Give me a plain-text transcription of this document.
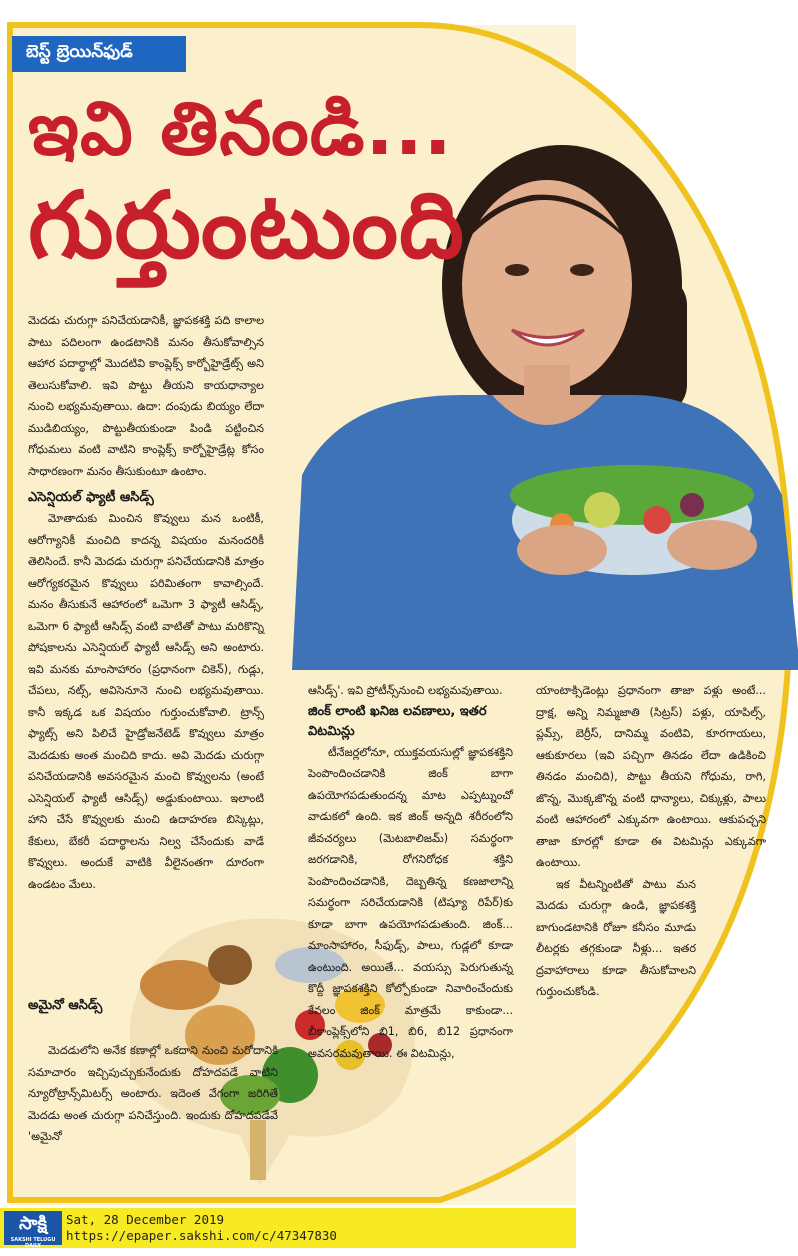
బెస్ట్ బ్రెయిన్‌ఫుడ్
ఇవి తినండి...
గుర్తుంటుంది

మెదడు చురుగ్గా పనిచేయడానికీ, జ్ఞాపకశక్తి పది కాలాల పాటు పదిలంగా ఉండటానికి మనం తీసుకోవాల్సిన ఆహార పదార్థాల్లో మొదటివి కాంప్లెక్స్ కార్బోహైడ్రేట్స్ అని తెలుసుకోవాలి. ఇవి పొట్టు తీయని కాయధాన్యాల నుంచి లభ్యమవుతాయి. ఉదా: దంపుడు బియ్యం లేదా ముడిబియ్యం, పొట్టుతీయకుండా పిండి పట్టించిన గోధుమలు వంటి వాటిని కాంప్లెక్స్ కార్బోహైడ్రేట్ల కోసం సాధారణంగా మనం తీసుకుంటూ ఉంటాం.

ఎసెన్షియల్ ఫ్యాటీ ఆసిడ్స్

మోతాదుకు మించిన కొవ్వులు మన ఒంటికీ, ఆరోగ్యానికీ మంచిది కాదన్న విషయం మనందరికీ తెలిసిందే. కానీ మెదడు చురుగ్గా పనిచేయడానికి మాత్రం ఆరోగ్యకరమైన కొవ్వులు పరిమితంగా కావాల్సిందే. మనం తీసుకునే ఆహారంలో ఒమెగా 3 ఫ్యాటీ ఆసిడ్స్, ఒమెగా 6 ఫ్యాటీ ఆసిడ్స్ వంటి వాటితో పాటు మరికొన్ని పోషకాలను ఎసెన్షియల్ ఫ్యాటీ ఆసిడ్స్ అని అంటారు. ఇవి మనకు మాంసాహారం (ప్రధానంగా చికెన్), గుడ్లు, చేపలు, నట్స్, అవిసెనూనె నుంచి లభ్యమవుతాయి. కానీ ఇక్కడ ఒక విషయం గుర్తుంచుకోవాలి. ట్రాన్స్ ఫ్యాట్స్ అని పిలిచే హైడ్రోజనేటెడ్ కొవ్వులు మాత్రం మెదడుకు అంత మంచిది కాదు. అవి మెదడు చురుగ్గా పనిచేయడానికి అవసరమైన మంచి కొవ్వులను (అంటే ఎసెన్షియల్ ఫ్యాటీ ఆసిడ్స్) అడ్డుకుంటాయి. ఇలాంటి హాని చేసే కొవ్వులకు మంచి ఉదాహరణ బిస్కెట్లు, కేకులు, బేకరీ పదార్థాలను నిల్వ చేసేందుకు వాడే కొవ్వులు. అందుకే వాటికి వీలైనంతగా దూరంగా ఉండటం మేలు.

అమైనో ఆసిడ్స్

మెదడులోని అనేక కణాల్లో ఒకదాని నుంచి మరోదానికి సమాచారం ఇచ్చిపుచ్చుకునేందుకు దోహదపడే వాటిని న్యూరోట్రాన్స్‌మిటర్స్ అంటారు. ఇదెంత వేగంగా జరిగితే మెదడు అంత చురుగ్గా పనిచేస్తుంది. ఇందుకు దోహదపడేవే 'అమైనో

ఆసిడ్స్'. ఇవి ప్రోటీన్స్‌నుంచి లభ్యమవుతాయి.

జింక్ లాంటి ఖనిజ లవణాలు, ఇతర విటమిన్లు

టీనేజర్లలోనూ, యుక్తవయసుల్లో జ్ఞాపకశక్తిని పెంపొందించడానికి జింక్ బాగా ఉపయోగపడుతుందన్న మాట ఎప్పట్నుంచో వాడుకలో ఉంది. ఇక జింక్ అన్నది శరీరంలోని జీవచర్యలు (మెటబాలిజమ్) సమర్థంగా జరగడానికి, రోగనిరోధక శక్తిని పెంపొందించడానికి, దెబ్బతిన్న కణజాలాన్ని సమర్థంగా సరిచేయడానికి (టిష్యూ రిపేర్)కు కూడా బాగా ఉపయోగపడుతుంది. జింక్... మాంసాహారం, సీఫుడ్స్, పాలు, గుడ్లలో కూడా ఉంటుంది. అయితే... వయస్సు పెరుగుతున్న కొద్దీ జ్ఞాపకశక్తిని కోల్పోకుండా నివారించేందుకు కేవలం జింక్ మాత్రమే కాకుండా... బీకాంప్లెక్స్‌లోని బి1, బి6, బి12 ప్రధానంగా అవసరమవుతాయి. ఈ విటమిన్లు,

యాంటాక్సిడెంట్లు ప్రధానంగా తాజా పళ్లు అంటే... ద్రాక్ష, అన్ని నిమ్మజాతి (సిట్రస్) పళ్లు, యాపిల్స్, ప్లమ్స్, బెర్రీస్, దానిమ్మ వంటివి, కూరగాయలు, ఆకుకూరలు (ఇవి పచ్చిగా తినడం లేదా ఉడికించి తినడం మంచిది), పొట్టు తీయని గోధుమ, రాగి, జొన్న, మొక్కజొన్న వంటి ధాన్యాలు, చిక్కుళ్లు, పాలు వంటి ఆహారంలో ఎక్కువగా ఉంటాయి. ఆకుపచ్చని తాజా కూరల్లో కూడా ఈ విటమిన్లు ఎక్కువగా ఉంటాయి.

ఇక వీటన్నింటితో పాటు మన మెదడు చురుగ్గా ఉండి, జ్ఞాపకశక్తి బాగుండటానికి రోజూ కనీసం మూడు లీటర్లకు తగ్గకుండా నీళ్లు... ఇతర ద్రవాహారాలు కూడా తీసుకోవాలని గుర్తుంచుకోండి.

సాక్షి
SAKSHI TELUGU DAILY
Sat, 28 December 2019
https://epaper.sakshi.com/c/47347830
